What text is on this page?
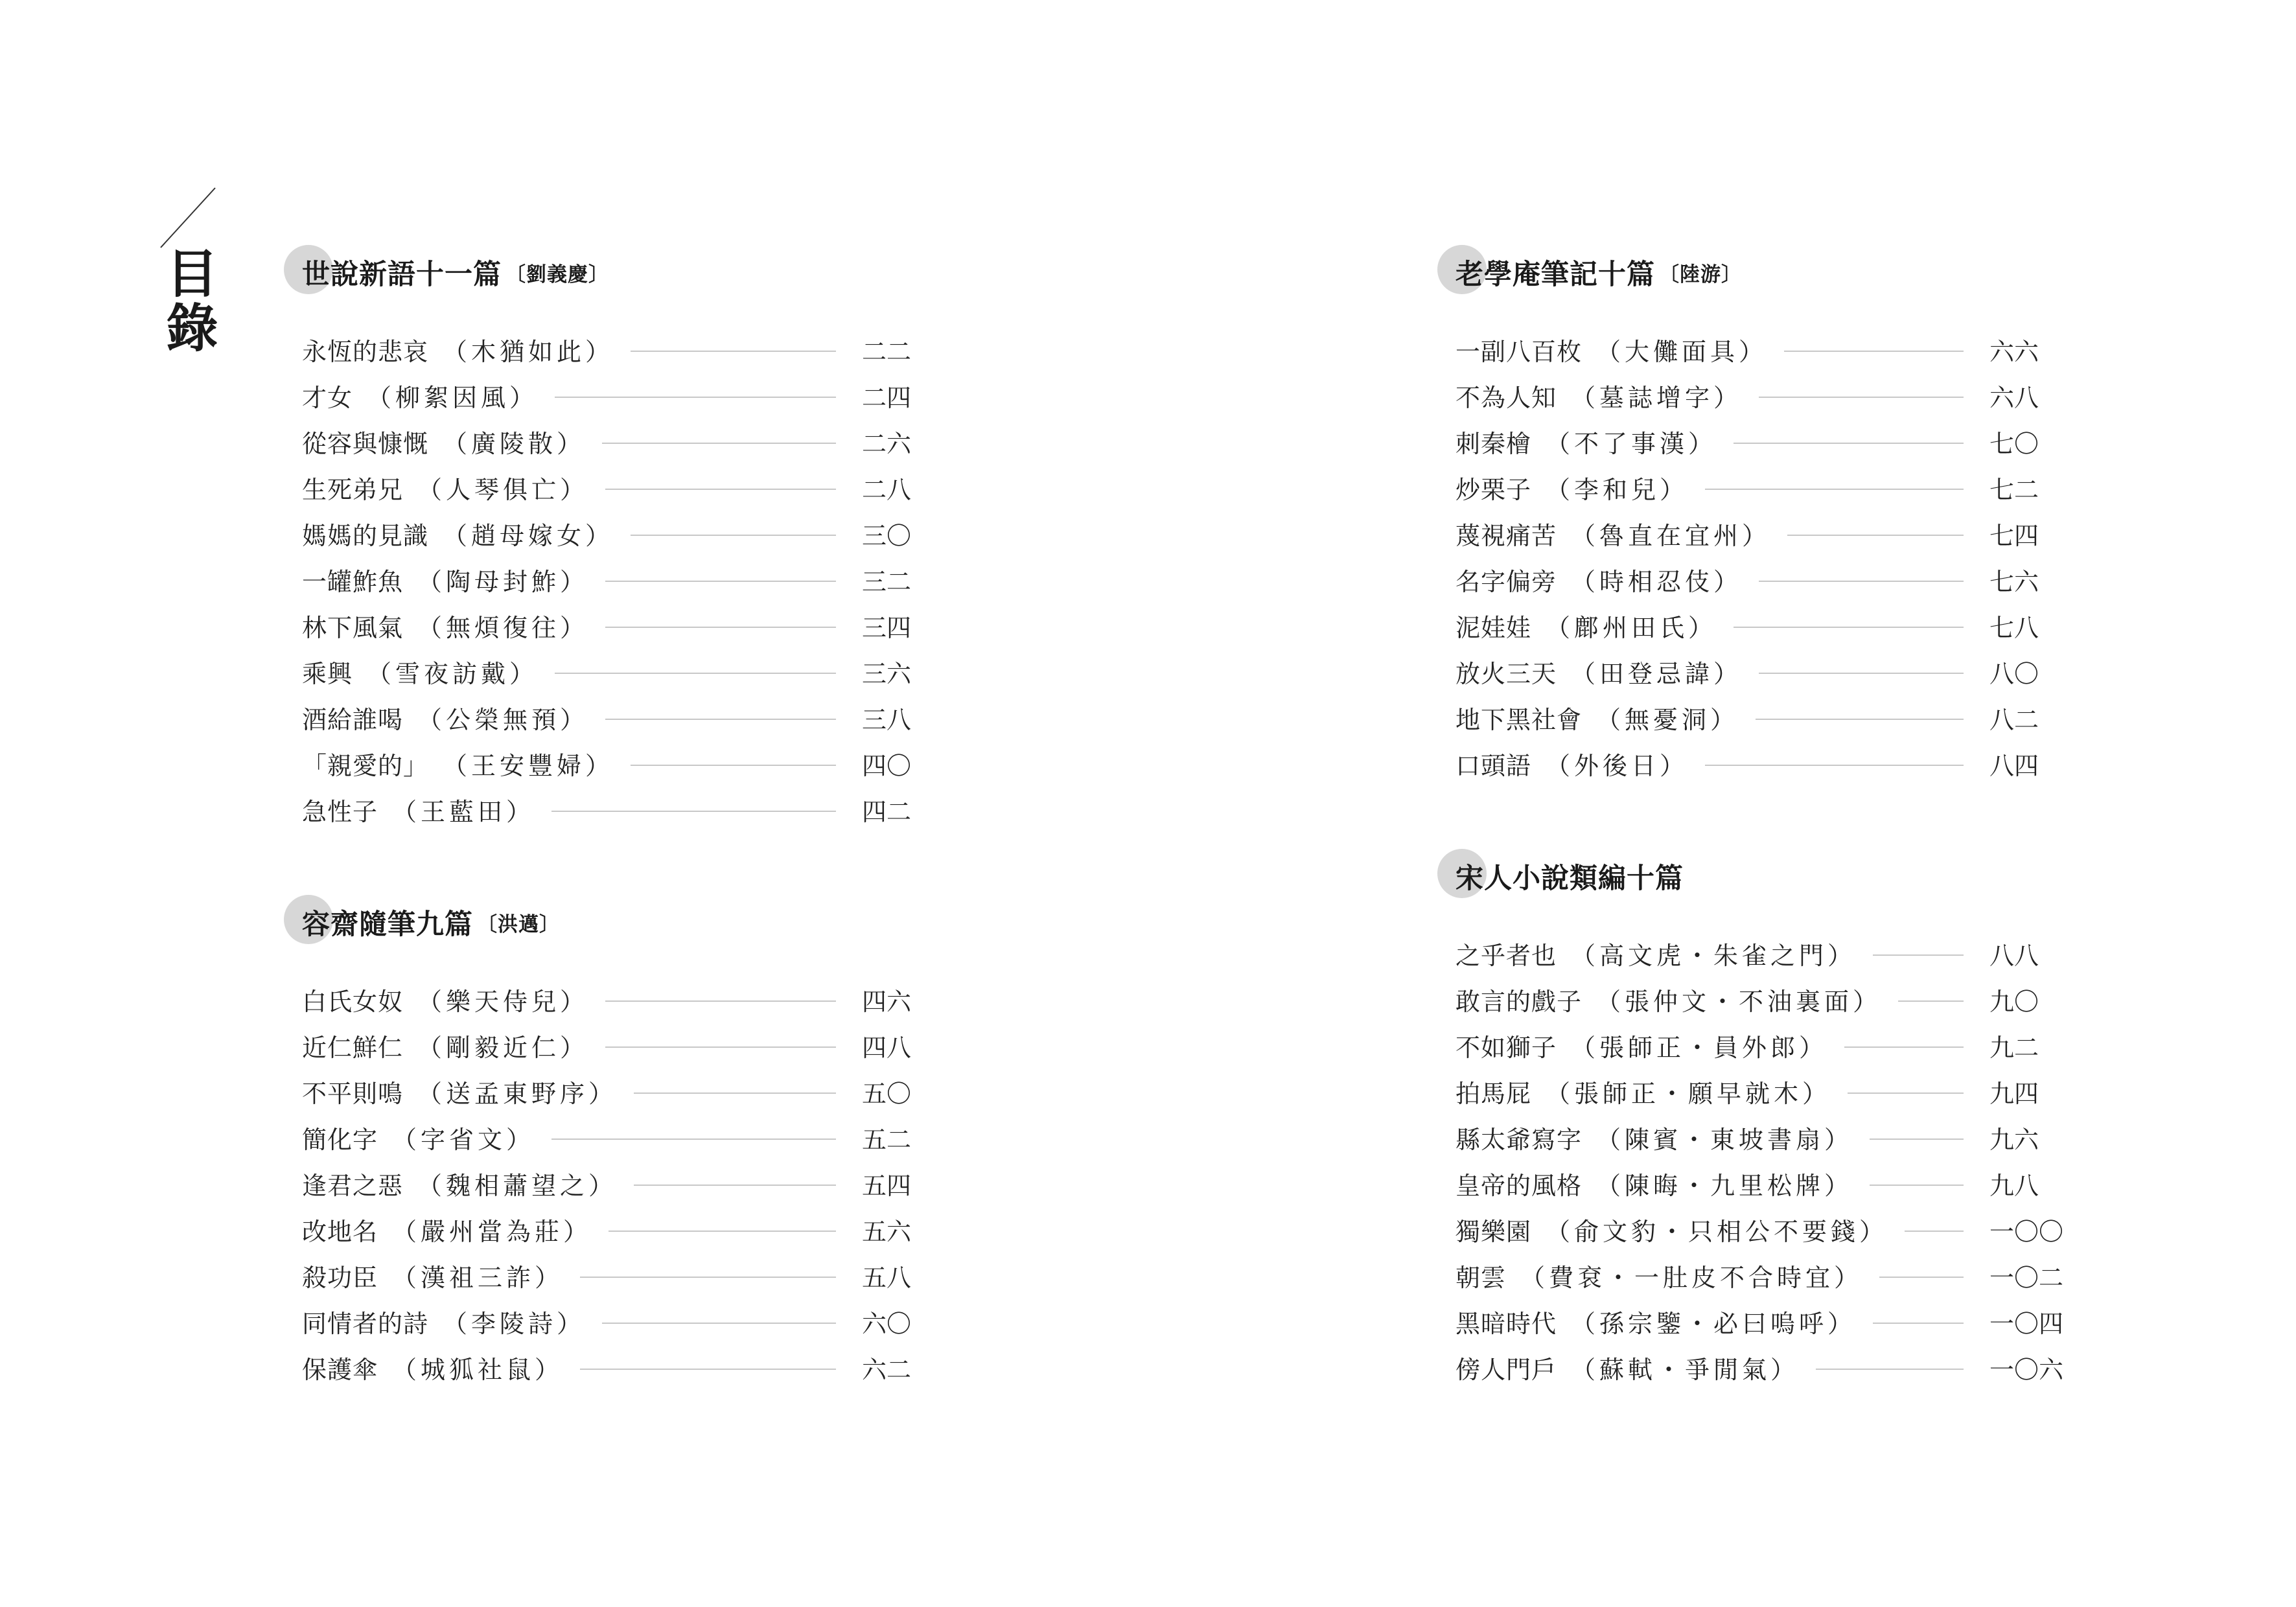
目錄	世說新語十一篇 〔劉義慶〕
永恆的悲哀 （木猶如此）	二二
才女 （柳絮因風）	二四
從容與慷慨 （廣陵散）	二六
生死弟兄 （人琴俱亡）	二八
媽媽的見識 （趙母嫁女）	三〇
一罐鮓魚 （陶母封鮓）	三二
林下風氣 （無煩復往）	三四
乘興 （雪夜訪戴）	三六
酒給誰喝 （公榮無預）	三八
「親愛的」 （王安豐婦）	四〇
急性子 （王藍田）	四二
容齋隨筆九篇 〔洪邁〕
白氏女奴 （樂天侍兒）	四六
近仁鮮仁 （剛毅近仁）	四八
不平則鳴 （送孟東野序）	五〇
簡化字 （字省文）	五二
逢君之惡 （魏相蕭望之）	五四
改地名 （嚴州當為莊）	五六
殺功臣 （漢祖三詐）	五八
同情者的詩 （李陵詩）	六〇
保護傘 （城狐社鼠）	六二
老學庵筆記十篇 〔陸游〕
一副八百枚 （大儺面具）	六六
不為人知 （墓誌增字）	六八
刺秦檜 （不了事漢）	七〇
炒栗子 （李和兒）	七二
蔑視痛苦 （魯直在宜州）	七四
名字偏旁 （時相忍伎）	七六
泥娃娃 （鄜州田氏）	七八
放火三天 （田登忌諱）	八〇
地下黑社會 （無憂洞）	八二
口頭語 （外後日）	八四
宋人小說類編十篇
之乎者也 （高文虎・朱雀之門）	八八
敢言的戲子 （張仲文・不油裏面）	九〇
不如獅子 （張師正・員外郎）	九二
拍馬屁 （張師正・願早就木）	九四
縣太爺寫字 （陳賓・東坡書扇）	九六
皇帝的風格 （陳晦・九里松牌）	九八
獨樂園 （俞文豹・只相公不要錢）	一〇〇
朝雲 （費袞・一肚皮不合時宜）	一〇二
黑暗時代 （孫宗鑒・必曰嗚呼）	一〇四
傍人門戶 （蘇軾・爭閒氣）	一〇六
